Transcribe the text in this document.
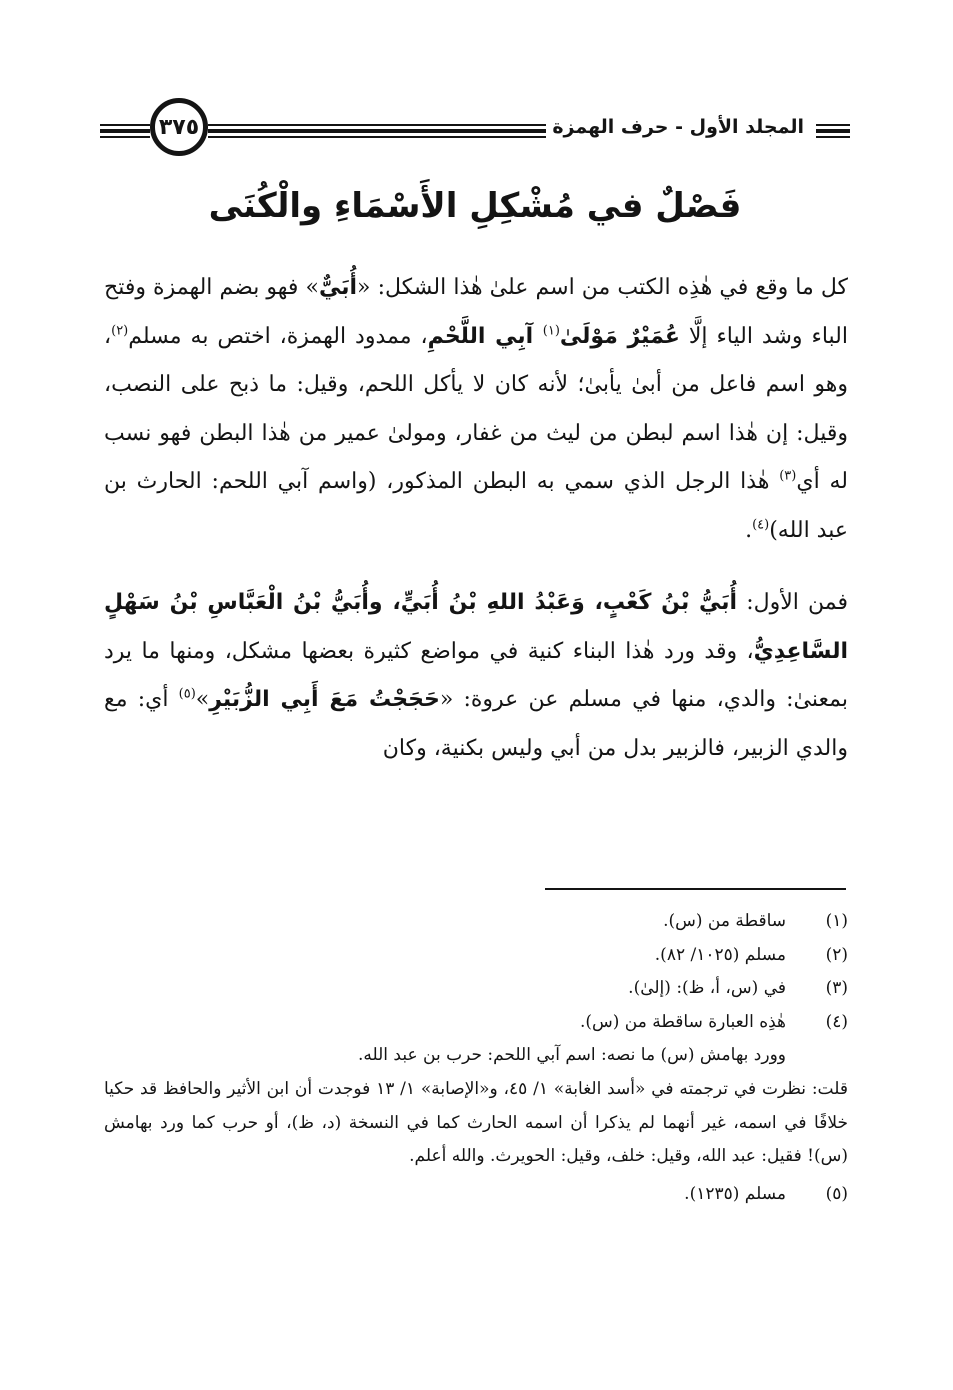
٣٧٥	المجلد الأول - حرف الهمزة
فَصْلٌ في مُشْكِلِ الأَسْمَاءِ والْكُنَى

كل ما وقع في هٰذِه الكتب من اسم علىٰ هٰذا الشكل: «أُبَيٌّ» فهو بضم الهمزة وفتح الباء وشد الياء إلَّا عُمَيْرٌ مَوْلَىٰ$^{(١)}$ آبِي اللَّحْمِ، ممدود الهمزة، اختص به مسلم$^{(٢)}$، وهو اسم فاعل من أبىٰ يأبىٰ؛ لأنه كان لا يأكل اللحم، وقيل: ما ذبح على النصب، وقيل: إن هٰذا اسم لبطن من ليث من غفار، ومولىٰ عمير من هٰذا البطن فهو نسب له أي$^{(٣)}$ هٰذا الرجل الذي سمي به البطن المذكور، (واسم آبي اللحم: الحارث بن عبد الله)$^{(٤)}$.

فمن الأول: أُبَيُّ بْنُ كَعْبٍ، وَعَبْدُ اللهِ بْنُ أُبَيٍّ، وأُبَيُّ بْنُ الْعَبَّاسِ بْنُ سَهْلٍ السَّاعِدِيُّ، وقد ورد هٰذا البناء كنية في مواضع كثيرة بعضها مشكل، ومنها ما يرد بمعنىٰ: والدي، منها في مسلم عن عروة: «حَجَجْتُ مَعَ أَبِي الزُّبَيْرِ»$^{(٥)}$ أي: مع والدي الزبير، فالزبير بدل من أبي وليس بكنية، وكان

(١)
ساقطة من (س).

(٢)
مسلم (١٠٢٥/ ٨٢).

(٣)
في (س، أ، ظ): (إلىٰ).

(٤)
هٰذِه العبارة ساقطة من (س).

وورد بهامش (س) ما نصه: اسم آبي اللحم: حرب بن عبد الله.

قلت: نظرت في ترجمته في «أسد الغابة» ١/ ٤٥، و«الإصابة» ١/ ١٣ فوجدت أن ابن الأثير والحافظ قد حكيا خلافًا في اسمه، غير أنهما لم يذكرا أن اسمه الحارث كما في النسخة (د، ظ)، أو حرب كما ورد بهامش (س)! فقيل: عبد الله، وقيل: خلف، وقيل: الحويرث. والله أعلم.

(٥)
مسلم (١٢٣٥).
